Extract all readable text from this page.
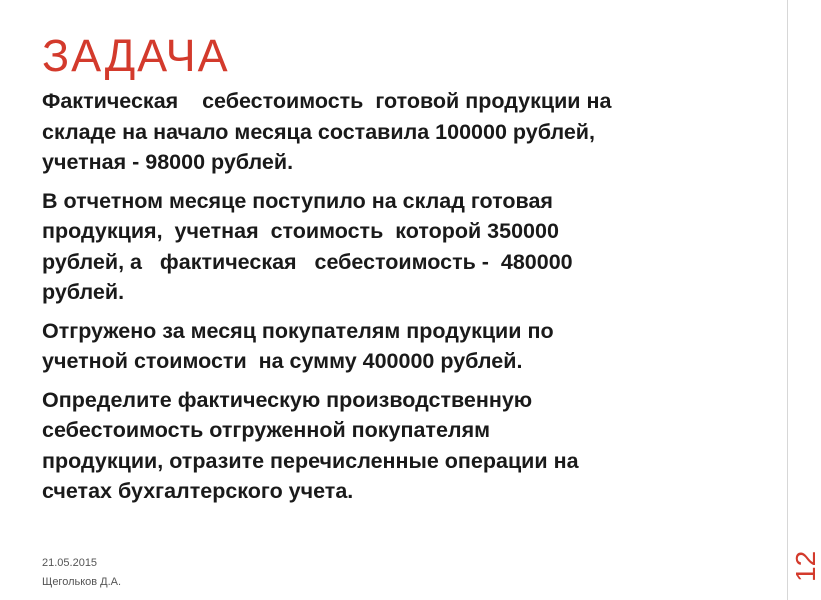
ЗАДАЧА

Фактическая    себестоимость  готовой продукции на
складе на начало месяца составила 100000 рублей,
учетная - 98000 рублей.

В отчетном месяце поступило на склад готовая
продукция,  учетная  стоимость  которой 350000
рублей, а   фактическая   себестоимость -  480000
рублей.

Отгружено за месяц покупателям продукции по
учетной стоимости  на сумму 400000 рублей.

Определите фактическую производственную
себестоимость отгруженной покупателям
продукции, отразите перечисленные операции на
счетах бухгалтерского учета.

21.05.2015
Щегольков Д.А.	12
